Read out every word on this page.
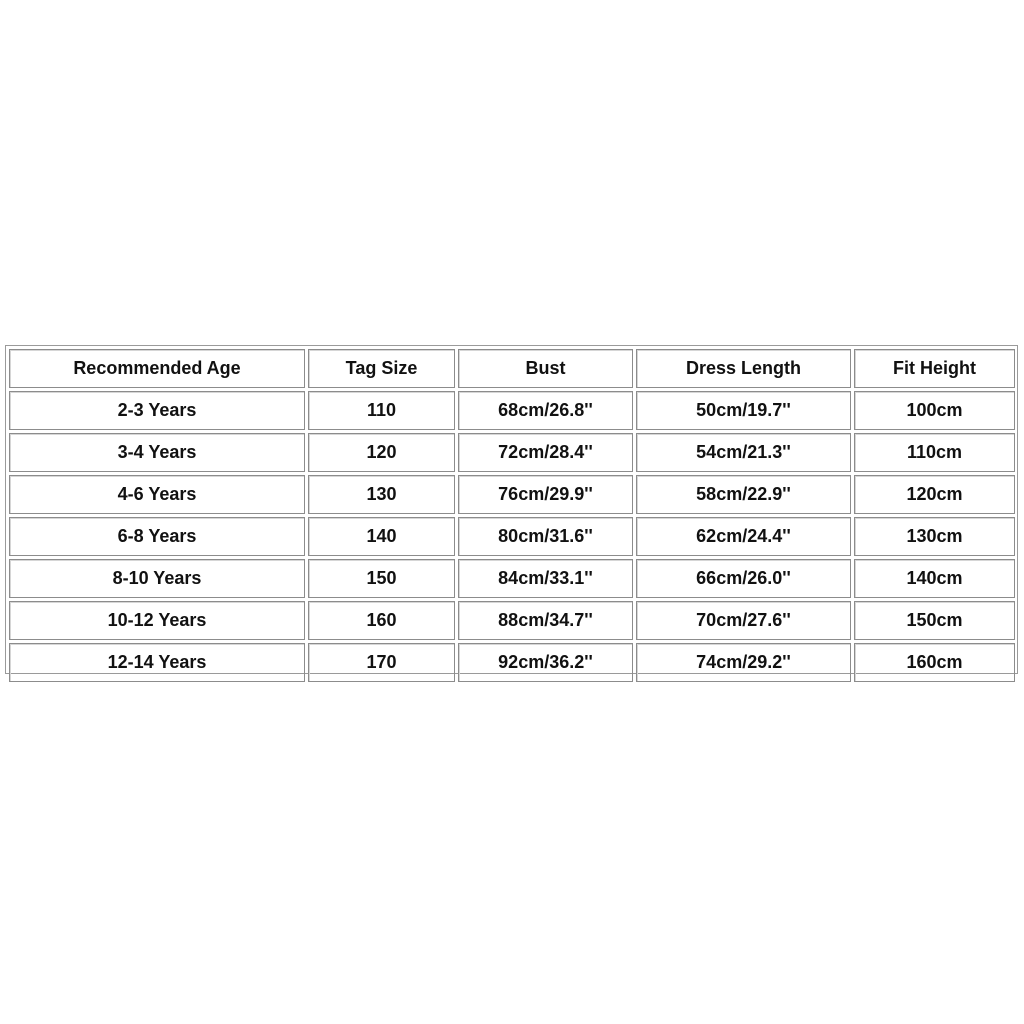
Recommended Age	Tag Size	Bust	Dress Length	Fit Height
2-3 Years	110	68cm/26.8''	50cm/19.7''	100cm
3-4 Years	120	72cm/28.4''	54cm/21.3''	110cm
4-6 Years	130	76cm/29.9''	58cm/22.9''	120cm
6-8 Years	140	80cm/31.6''	62cm/24.4''	130cm
8-10 Years	150	84cm/33.1''	66cm/26.0''	140cm
10-12 Years	160	88cm/34.7''	70cm/27.6''	150cm
12-14 Years	170	92cm/36.2''	74cm/29.2''	160cm
